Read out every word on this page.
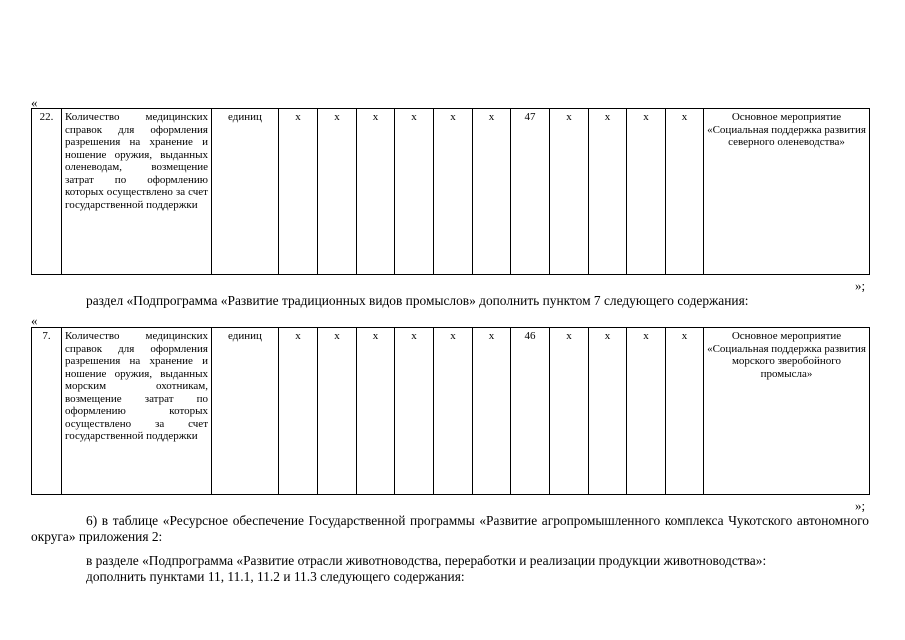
«
22.	Количество медицинских справок для оформления разрешения на хранение и ношение оружия, выданных оленеводам, возмещение затрат по оформлению которых осуществлено за счет государственной поддержки	единиц	х	х	х	х	х	х	47	х	х	х	х	Основное мероприятие «Социальная поддержка развития северного оленеводства»
»;
раздел «Подпрограмма «Развитие традиционных видов промыслов» дополнить пунктом 7 следующего содержания:
«
7.	Количество медицинских справок для оформления разрешения на хранение и ношение оружия, выданных морским охотникам, возмещение затрат по оформлению которых осуществлено за счет государственной поддержки	единиц	х	х	х	х	х	х	46	х	х	х	х	Основное мероприятие «Социальная поддержка развития морского зверобойного промысла»
»;
6) в таблице «Ресурсное обеспечение Государственной программы «Развитие агропромышленного комплекса Чукотского автономного округа» приложения 2:
в разделе «Подпрограмма «Развитие отрасли животноводства, переработки и реализации продукции животноводства»:
дополнить пунктами 11, 11.1, 11.2 и 11.3 следующего содержания:
